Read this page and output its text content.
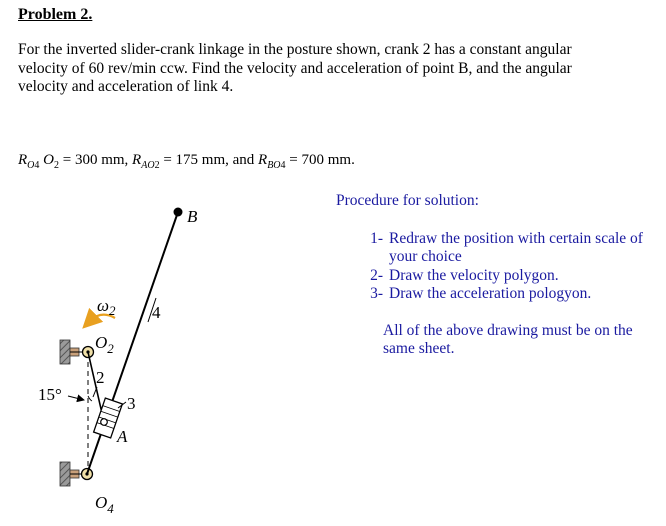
Problem 2.
For the inverted slider-crank linkage in the posture shown, crank 2 has a constant angular
velocity of 60 rev/min ccw. Find the velocity and acceleration of point B, and the angular
velocity and acceleration of link 4.
$R_{O4}$ $O_2 = 300$ mm, $R_{AO2} = 175$ mm, and $R_{BO4} = 700$ mm.
Procedure for solution:
1- Redraw the position with certain scale of your choice
2- Draw the velocity polygon.
3- Draw the acceleration pologyon.
All of the above drawing must be on the same sheet.
B
$\omega_2$ 4
$O_2$
2
3
A
$O_4$
15°
